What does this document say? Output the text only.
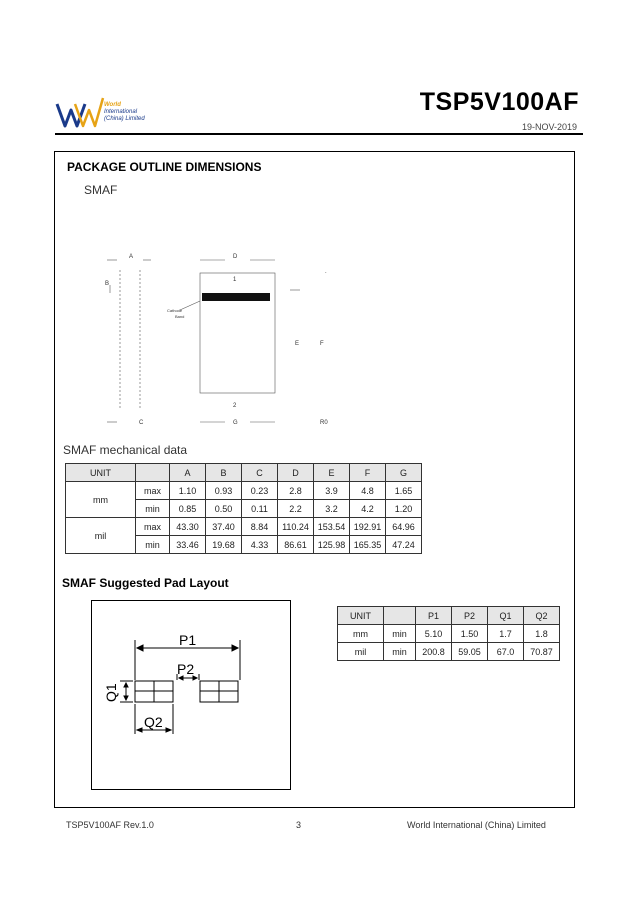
World
International
(China) Limited
TSP5V100AF
19-NOV-2019
PACKAGE OUTLINE DIMENSIONS
SMAF
A
B
C
D
E	F
G
1
2
R0
.
Cathode
Band
SMAF mechanical data
UNIT		A	B	C	D	E	F	G
mm	max	1.10	0.93	0.23	2.8	3.9	4.8	1.65
	min	0.85	0.50	0.11	2.2	3.2	4.2	1.20
mil	max	43.30	37.40	8.84	110.24	153.54	192.91	64.96
	min	33.46	19.68	4.33	86.61	125.98	165.35	47.24
SMAF Suggested Pad Layout
P1
P2
Q1
Q2
UNIT		P1	P2	Q1	Q2
mm	min	5.10	1.50	1.7	1.8
mil	min	200.8	59.05	67.0	70.87
TSP5V100AF Rev.1.0	3	World International (China) Limited
